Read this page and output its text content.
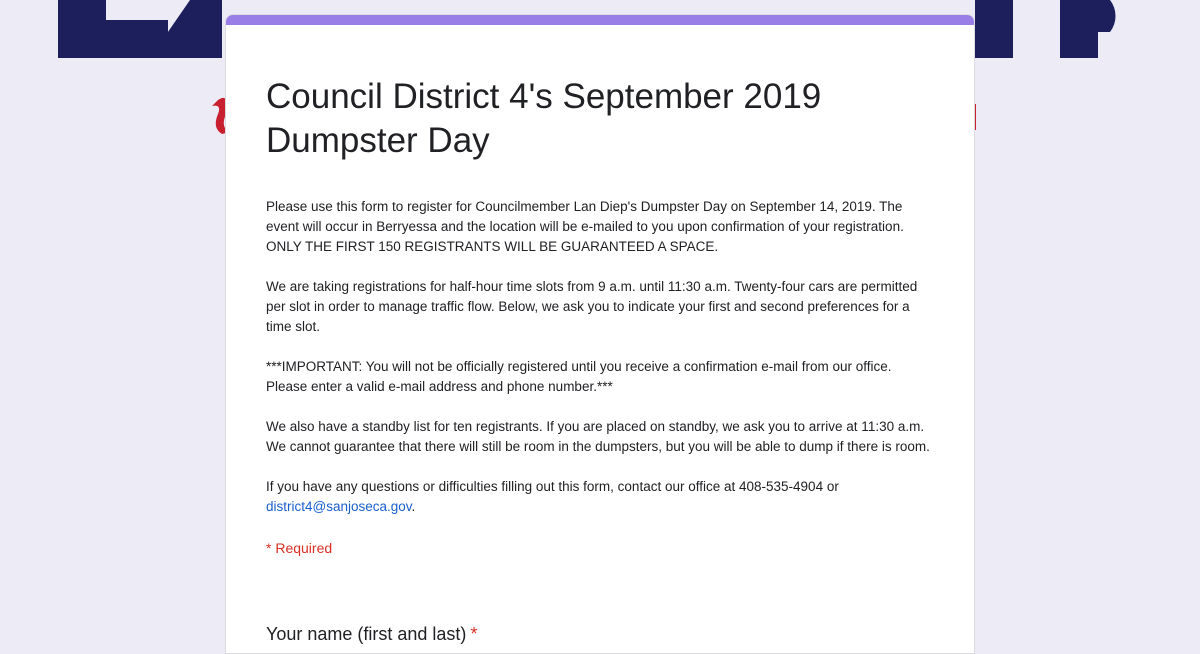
Council District 4's September 2019 Dumpster Day

Please use this form to register for Councilmember Lan Diep's Dumpster Day on September 14, 2019. The event will occur in Berryessa and the location will be e-mailed to you upon confirmation of your registration. ONLY THE FIRST 150 REGISTRANTS WILL BE GUARANTEED A SPACE.

We are taking registrations for half-hour time slots from 9 a.m. until 11:30 a.m. Twenty-four cars are permitted per slot in order to manage traffic flow. Below, we ask you to indicate your first and second preferences for a time slot.

***IMPORTANT: You will not be officially registered until you receive a confirmation e-mail from our office. Please enter a valid e-mail address and phone number.***

We also have a standby list for ten registrants. If you are placed on standby, we ask you to arrive at 11:30 a.m. We cannot guarantee that there will still be room in the dumpsters, but you will be able to dump if there is room.

If you have any questions or difficulties filling out this form, contact our office at 408-535-4904 or district4@sanjoseca.gov.

* Required
Your name (first and last) *
